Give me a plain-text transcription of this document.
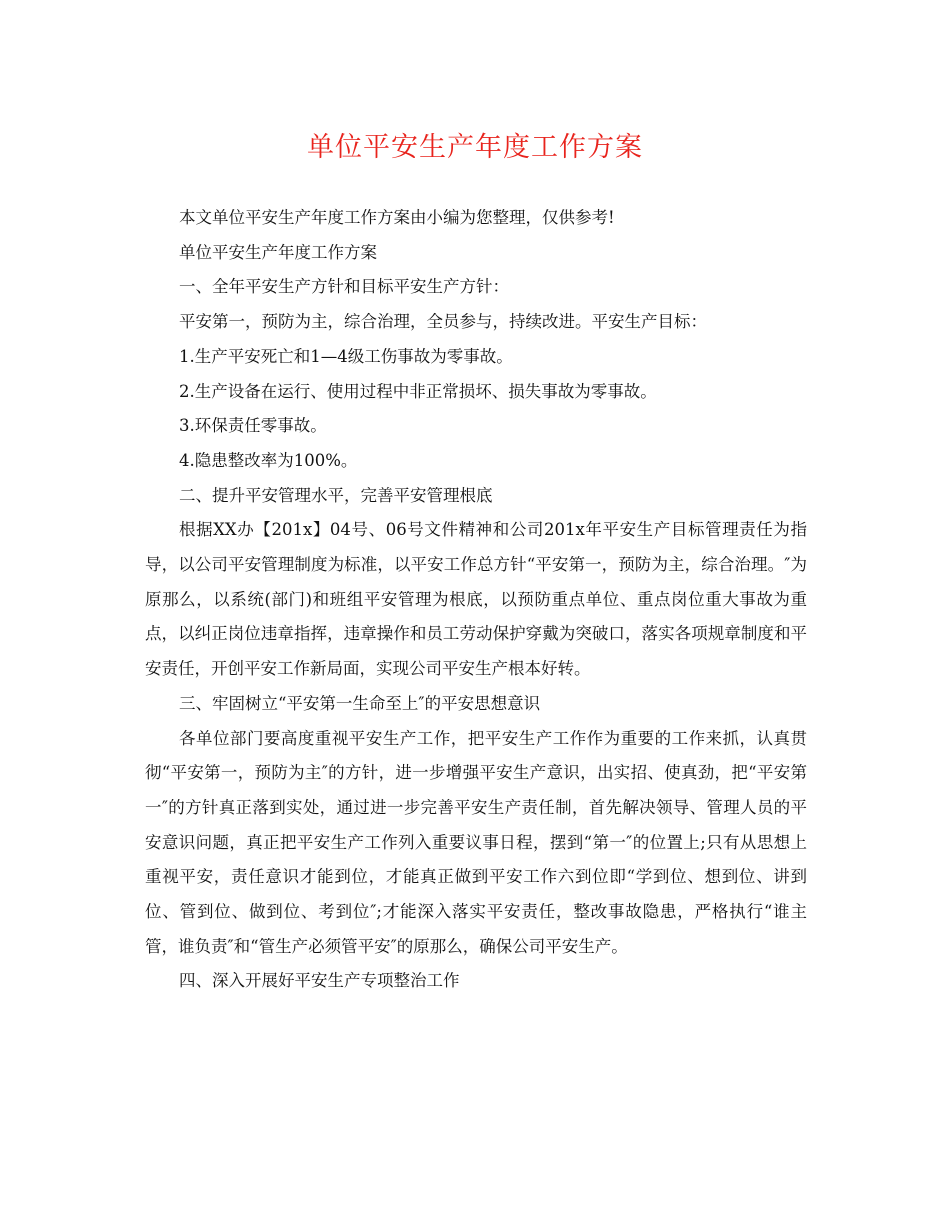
单位平安生产年度工作方案

本文单位平安生产年度工作方案由小编为您整理，仅供参考!

单位平安生产年度工作方案

一、全年平安生产方针和目标平安生产方针：

平安第一，预防为主，综合治理，全员参与，持续改进。平安生产目标：

1.生产平安死亡和1—4级工伤事故为零事故。

2.生产设备在运行、使用过程中非正常损坏、损失事故为零事故。

3.环保责任零事故。

4.隐患整改率为100%。

二、提升平安管理水平，完善平安管理根底

根据XX办【201x】04号、06号文件精神和公司201x年平安生产目标管理责任为指导，以公司平安管理制度为标准，以平安工作总方针“平安第一，预防为主，综合治理。″为原那么，以系统(部门)和班组平安管理为根底，以预防重点单位、重点岗位重大事故为重点，以纠正岗位违章指挥，违章操作和员工劳动保护穿戴为突破口，落实各项规章制度和平安责任，开创平安工作新局面，实现公司平安生产根本好转。

三、牢固树立“平安第一生命至上″的平安思想意识

各单位部门要高度重视平安生产工作，把平安生产工作作为重要的工作来抓，认真贯彻“平安第一，预防为主″的方针，进一步增强平安生产意识，出实招、使真劲，把“平安第一″的方针真正落到实处，通过进一步完善平安生产责任制，首先解决领导、管理人员的平安意识问题，真正把平安生产工作列入重要议事日程，摆到“第一″的位置上;只有从思想上重视平安，责任意识才能到位，才能真正做到平安工作六到位即“学到位、想到位、讲到位、管到位、做到位、考到位″;才能深入落实平安责任，整改事故隐患，严格执行“谁主管，谁负责″和“管生产必须管平安″的原那么，确保公司平安生产。

四、深入开展好平安生产专项整治工作
